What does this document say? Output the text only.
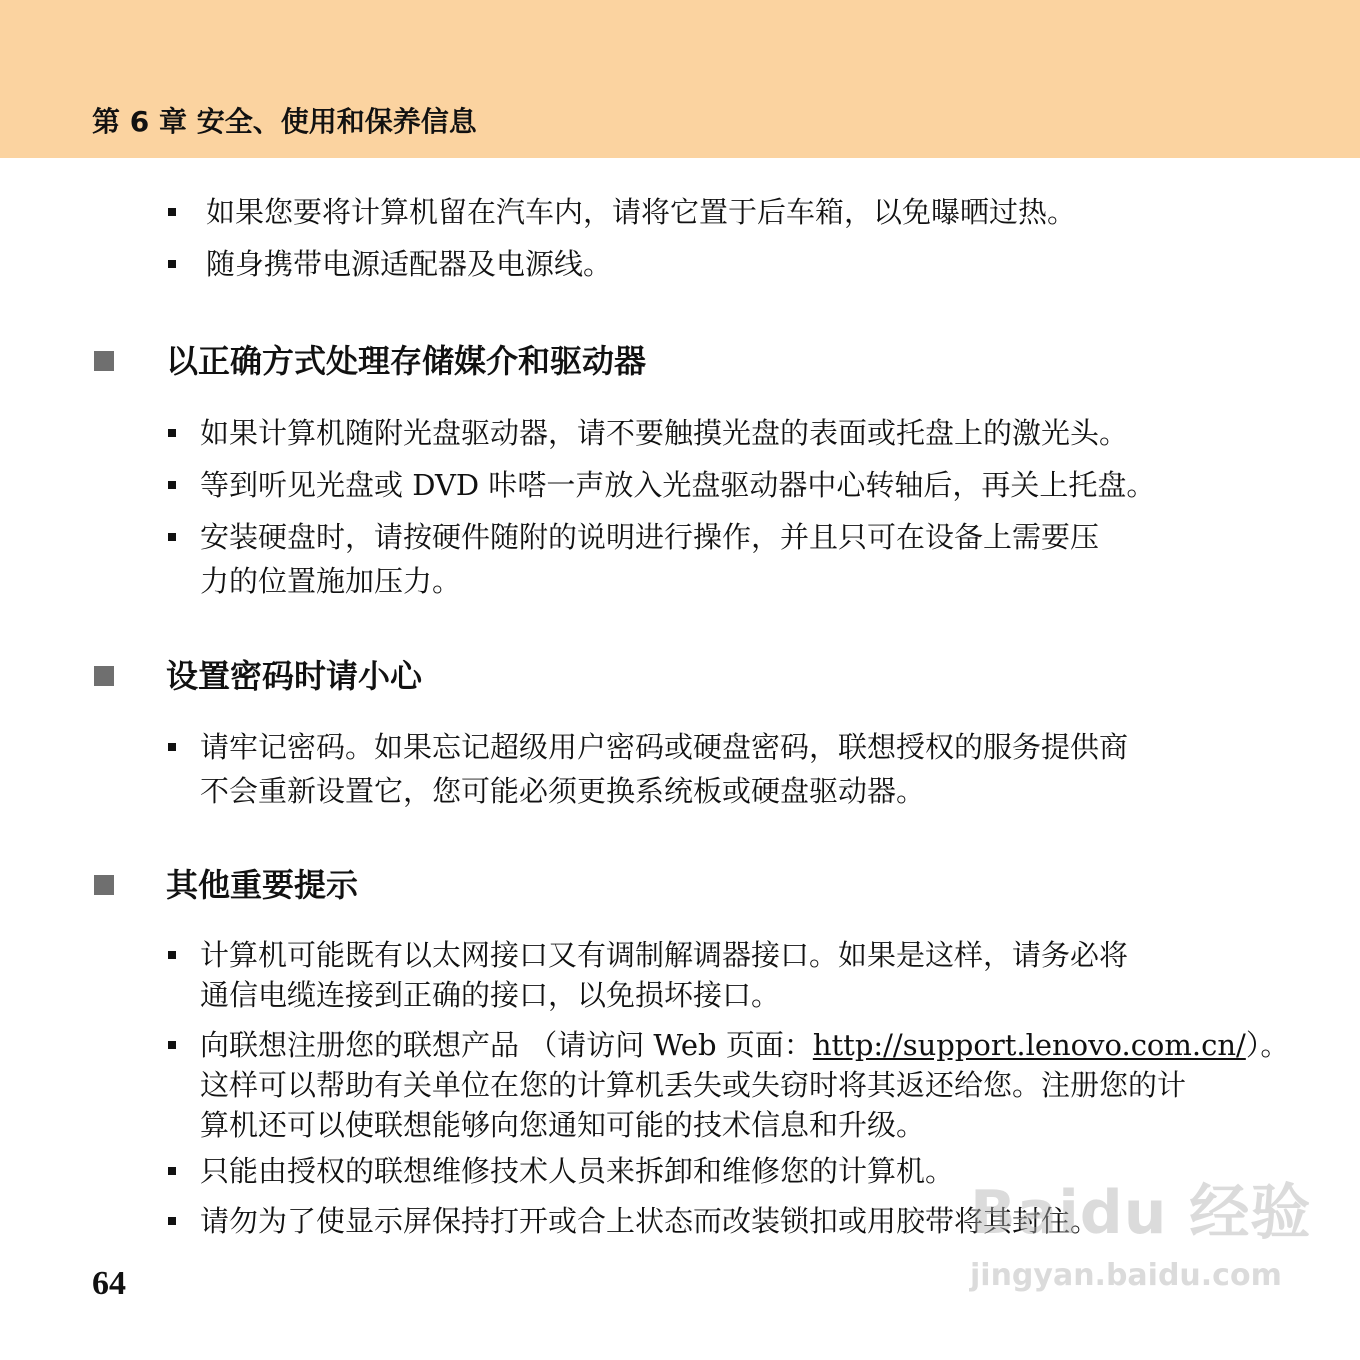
第 6 章 安全、使用和保养信息
如果您要将计算机留在汽车内，请将它置于后车箱，以免曝晒过热。
随身携带电源适配器及电源线。
以正确方式处理存储媒介和驱动器
如果计算机随附光盘驱动器，请不要触摸光盘的表面或托盘上的激光头。
等到听见光盘或 DVD 咔嗒一声放入光盘驱动器中心转轴后，再关上托盘。
安装硬盘时，请按硬件随附的说明进行操作，并且只可在设备上需要压
力的位置施加压力。
设置密码时请小心
请牢记密码。如果忘记超级用户密码或硬盘密码，联想授权的服务提供商
不会重新设置它，您可能必须更换系统板或硬盘驱动器。
其他重要提示
计算机可能既有以太网接口又有调制解调器接口。如果是这样，请务必将
通信电缆连接到正确的接口，以免损坏接口。
向联想注册您的联想产品 （请访问 Web 页面：http://support.lenovo.com.cn/）。
这样可以帮助有关单位在您的计算机丢失或失窃时将其返还给您。注册您的计
算机还可以使联想能够向您通知可能的技术信息和升级。
只能由授权的联想维修技术人员来拆卸和维修您的计算机。
请勿为了使显示屏保持打开或合上状态而改装锁扣或用胶带将其封住。
64
Baidu 经验
jingyan.baidu.com
